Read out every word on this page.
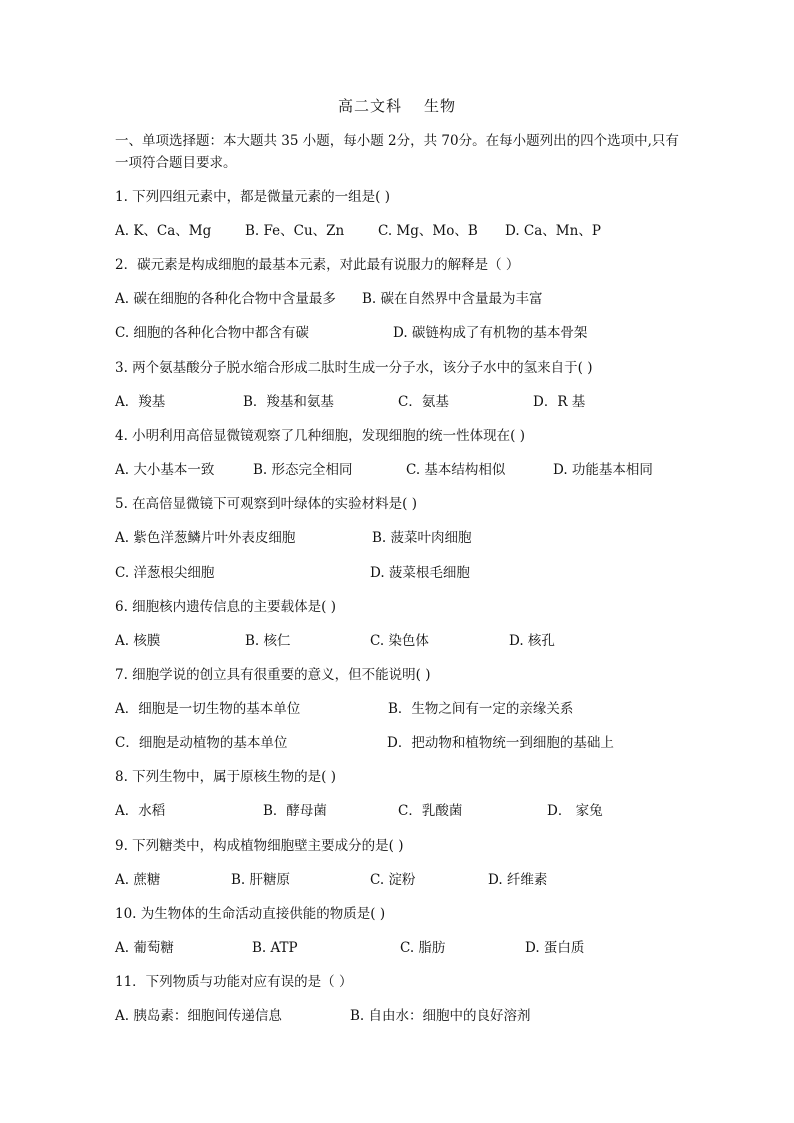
高二文科 生物
一、单项选择题：本大题共 35 小题，每小题 2分，共 70分。在每小题列出的四个选项中,只有一项符合题目要求。
1. 下列四组元素中，都是微量元素的一组是( )
A. K、Ca、Mg B. Fe、Cu、Zn	C. Mg、Mo、B D. Ca、Mn、P
2．碳元素是构成细胞的最基本元素，对此最有说服力的解释是（ ）
A. 碳在细胞的各种化合物中含量最多 B. 碳在自然界中含量最为丰富
C. 细胞的各种化合物中都含有碳	D. 碳链构成了有机物的基本骨架
3. 两个氨基酸分子脱水缩合形成二肽时生成一分子水，该分子水中的氢来自于( )
A．羧基	B．羧基和氨基	C．氨基	D．R 基
4. 小明利用高倍显微镜观察了几种细胞，发现细胞的统一性体现在( )
A. 大小基本一致	B. 形态完全相同	C. 基本结构相似	D. 功能基本相同
5. 在高倍显微镜下可观察到叶绿体的实验材料是( )
A. 紫色洋葱鳞片叶外表皮细胞	B. 菠菜叶肉细胞
C. 洋葱根尖细胞	D. 菠菜根毛细胞
6. 细胞核内遗传信息的主要载体是( )
A. 核膜	B. 核仁	C. 染色体	D. 核孔
7. 细胞学说的创立具有很重要的意义，但不能说明( )
A．细胞是一切生物的基本单位	B．生物之间有一定的亲缘关系
C．细胞是动植物的基本单位	D．把动物和植物统一到细胞的基础上
8. 下列生物中，属于原核生物的是( )
A．水稻	B．酵母菌	C．乳酸菌	D． 家兔
9. 下列糖类中，构成植物细胞壁主要成分的是( )
A. 蔗糖	B. 肝糖原	C. 淀粉	D. 纤维素
10. 为生物体的生命活动直接供能的物质是( )
A. 葡萄糖	B. ATP	C. 脂肪	D. 蛋白质
11．下列物质与功能对应有误的是（ ）
A. 胰岛素：细胞间传递信息	B. 自由水：细胞中的良好溶剂
